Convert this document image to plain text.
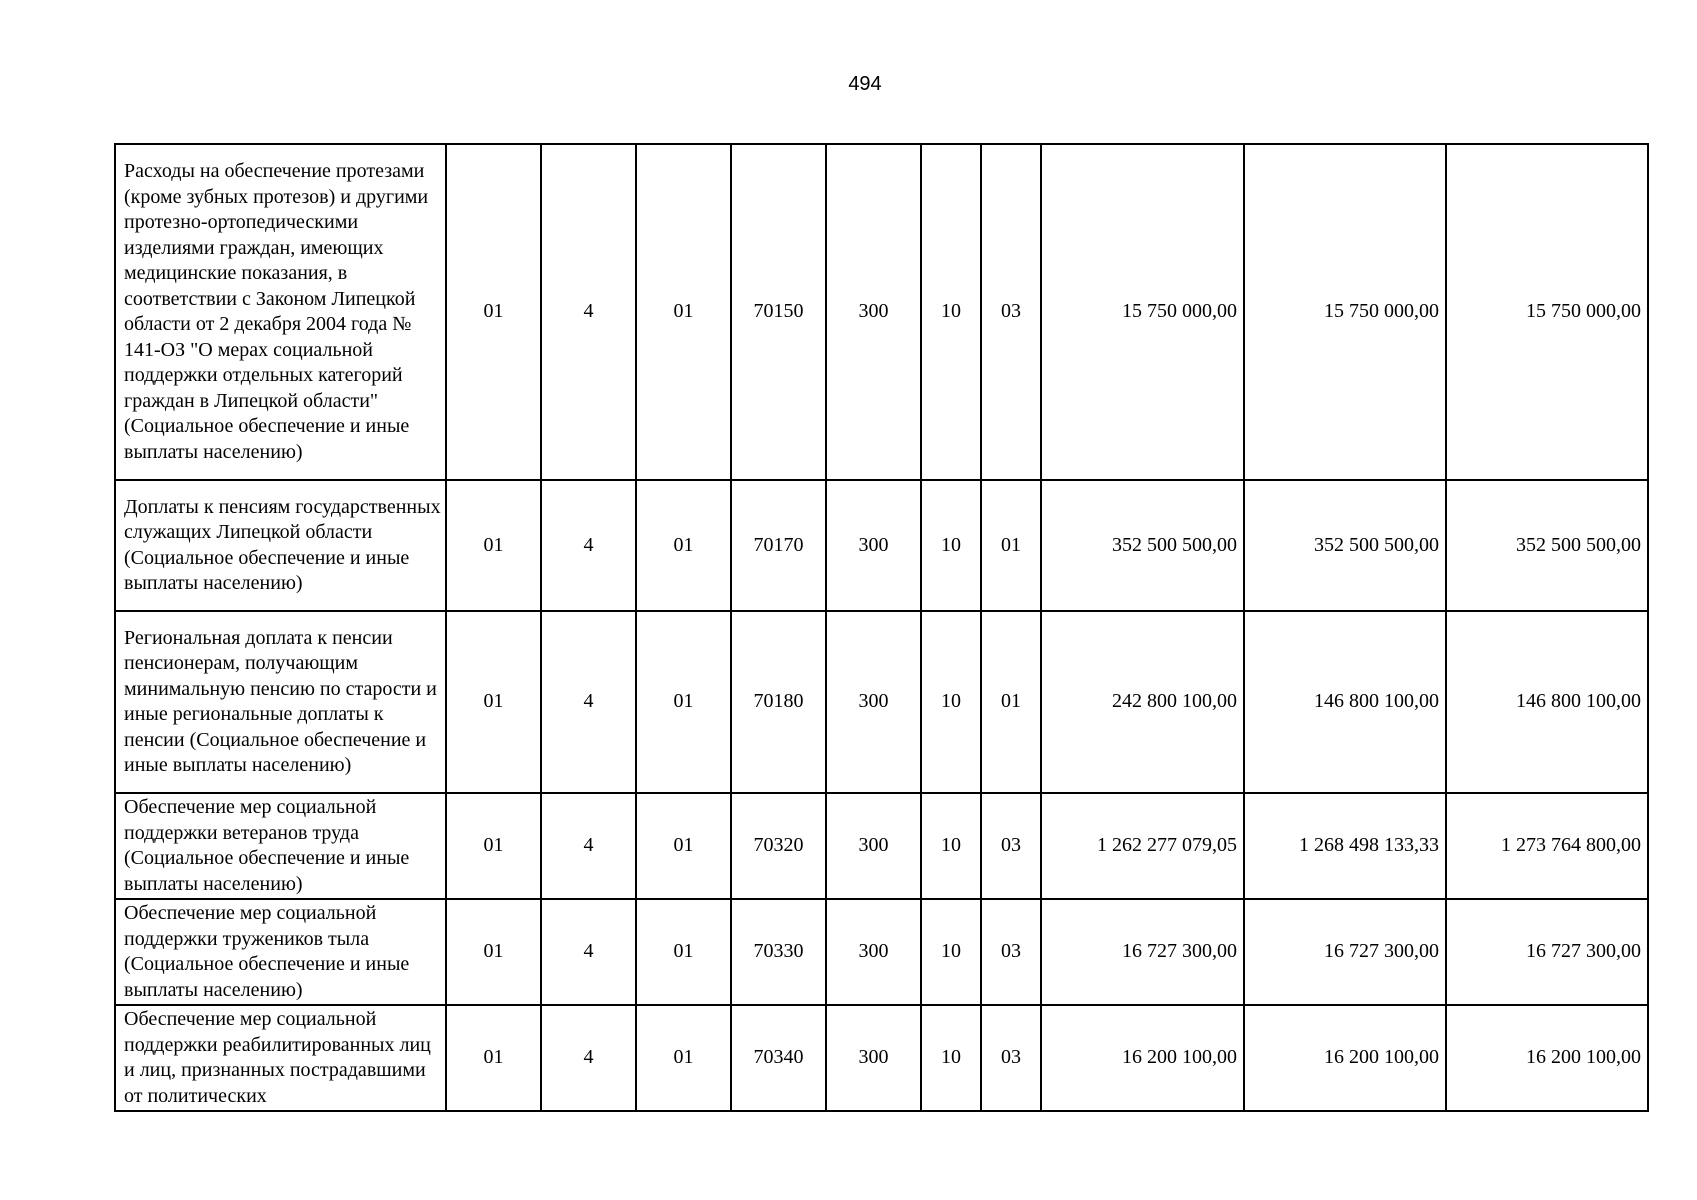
494
Расходы на обеспечение протезами (кроме зубных протезов) и другими протезно-ортопедическими изделиями граждан, имеющих медицинские показания, в соответствии с Законом Липецкой области от 2 декабря 2004 года № 141-ОЗ "О мерах социальной поддержки отдельных категорий граждан в Липецкой области" (Социальное обеспечение и иные выплаты населению)	01	4	01	70150	300	10	03	15 750 000,00	15 750 000,00	15 750 000,00
Доплаты к пенсиям государственных служащих Липецкой области (Социальное обеспечение и иные выплаты населению)	01	4	01	70170	300	10	01	352 500 500,00	352 500 500,00	352 500 500,00
Региональная доплата к пенсии пенсионерам, получающим минимальную пенсию по старости и иные региональные доплаты к пенсии (Социальное обеспечение и иные выплаты населению)	01	4	01	70180	300	10	01	242 800 100,00	146 800 100,00	146 800 100,00
Обеспечение мер социальной поддержки ветеранов труда (Социальное обеспечение и иные выплаты населению)	01	4	01	70320	300	10	03	1 262 277 079,05	1 268 498 133,33	1 273 764 800,00
Обеспечение мер социальной поддержки тружеников тыла (Социальное обеспечение и иные выплаты населению)	01	4	01	70330	300	10	03	16 727 300,00	16 727 300,00	16 727 300,00
Обеспечение мер социальной поддержки реабилитированных лиц и лиц, признанных пострадавшими от политических	01	4	01	70340	300	10	03	16 200 100,00	16 200 100,00	16 200 100,00
